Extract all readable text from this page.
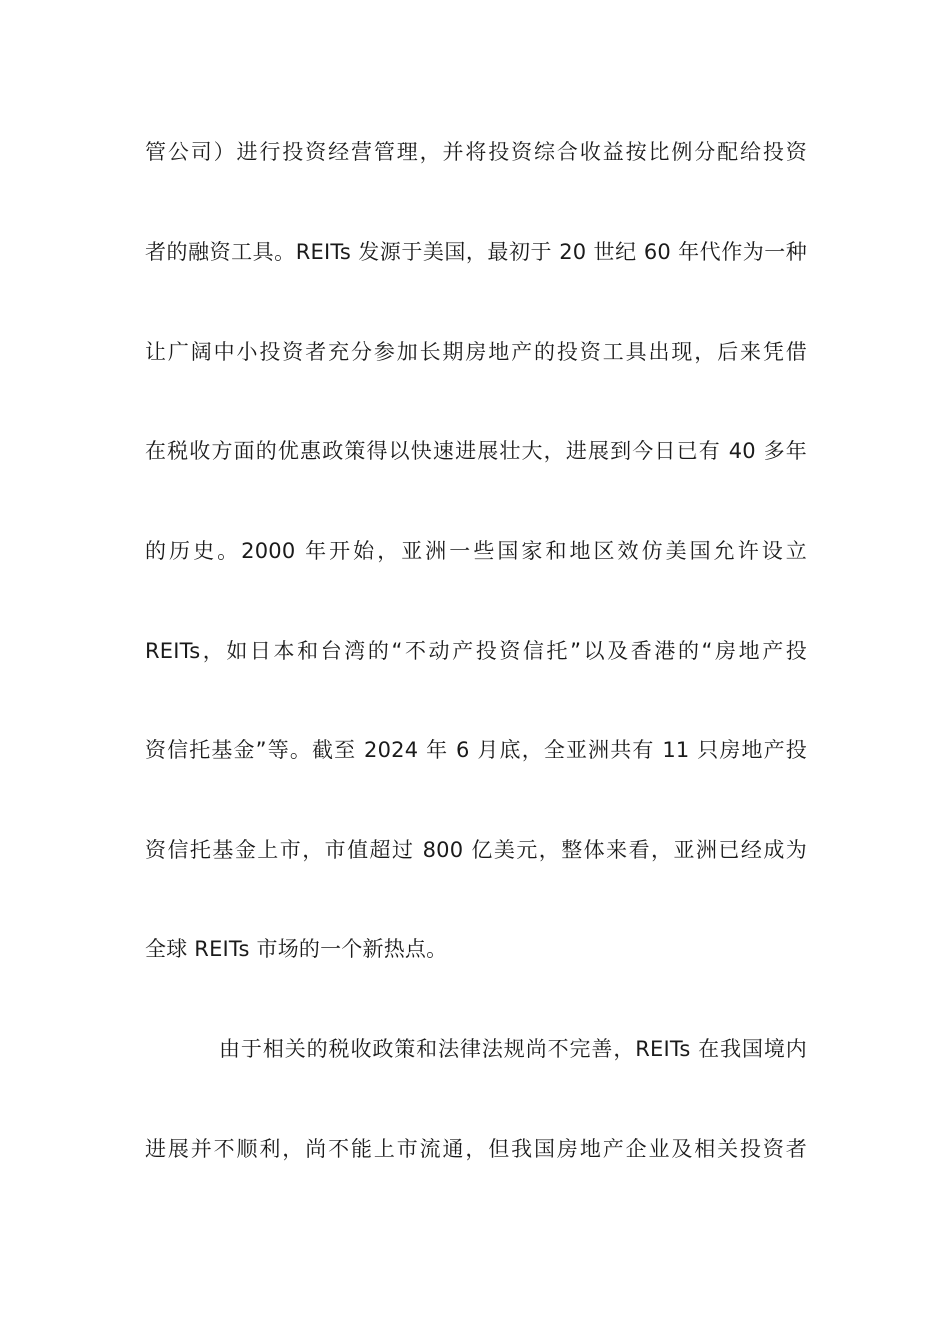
管公司）进行投资经营管理，并将投资综合收益按比例分配给投资
者的融资工具。REITs 发源于美国，最初于 20 世纪 60 年代作为一种
让广阔中小投资者充分参加长期房地产的投资工具出现，后来凭借
在税收方面的优惠政策得以快速进展壮大，进展到今日已有 40 多年
的历史。2000 年开始，亚洲一些国家和地区效仿美国允许设立
REITs，如日本和台湾的“不动产投资信托”以及香港的“房地产投
资信托基金”等。截至 2024 年 6 月底，全亚洲共有 11 只房地产投
资信托基金上市，市值超过 800 亿美元，整体来看，亚洲已经成为
全球 REITs 市场的一个新热点。
由于相关的税收政策和法律法规尚不完善，REITs 在我国境内
进展并不顺利，尚不能上市流通，但我国房地产企业及相关投资者
